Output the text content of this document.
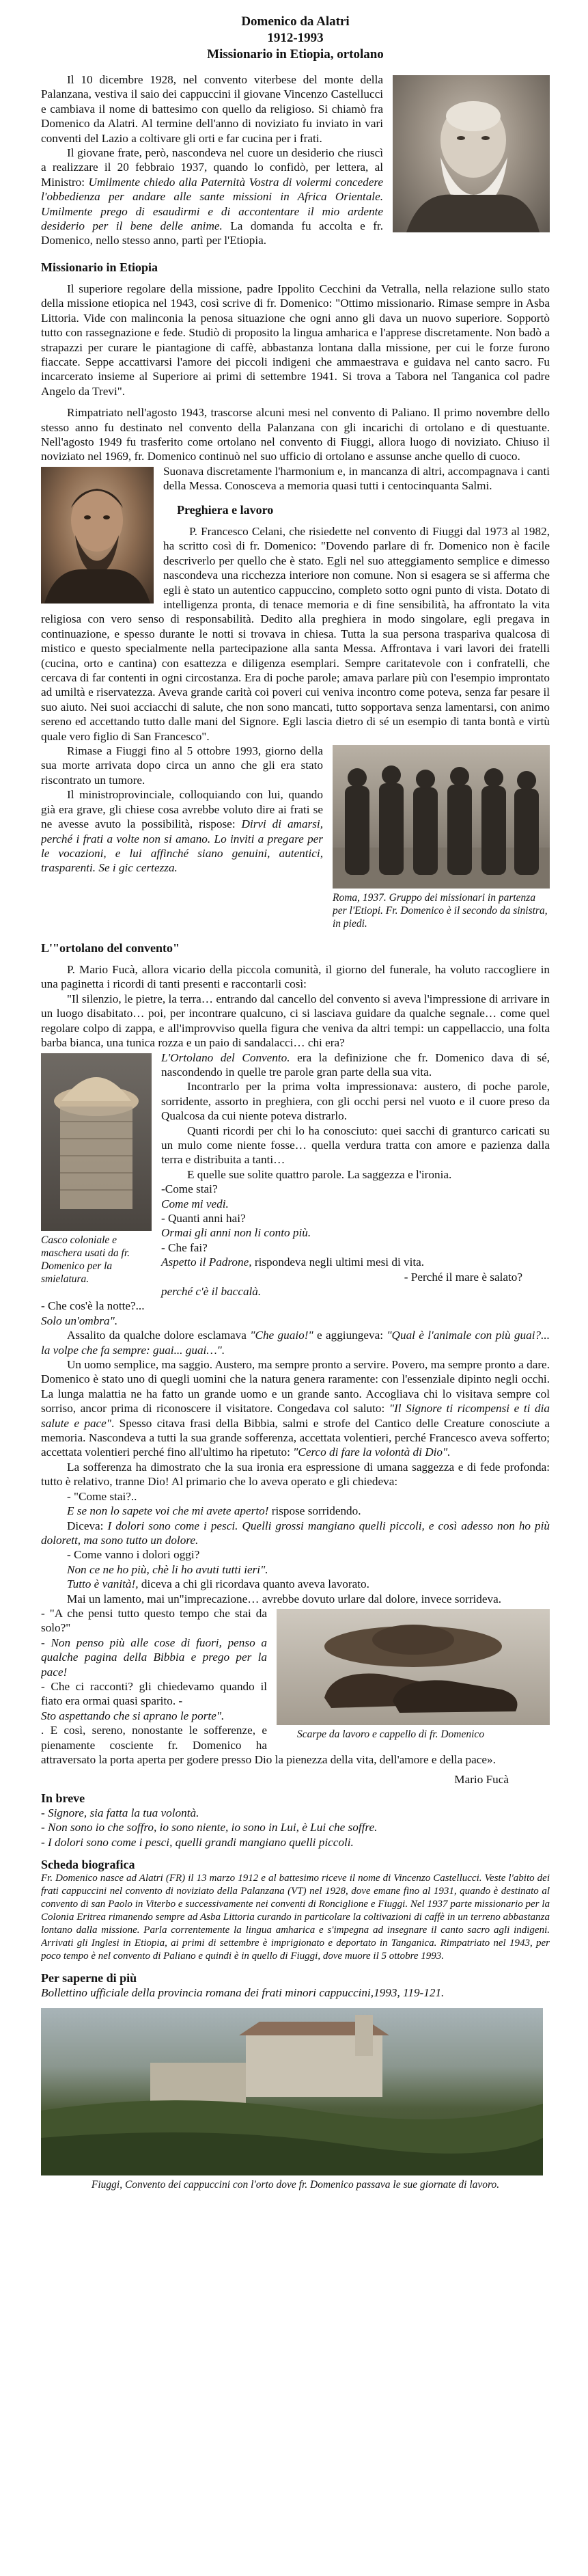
Domenico da Alatri
1912-1993
Missionario in Etiopia, ortolano

Il 10 dicembre 1928, nel convento viterbese del monte della Palanzana, vestiva il saio dei cappuccini il giovane Vincenzo Castellucci e cambiava il nome di battesimo con quello da religioso. Si chiamò fra Domenico da Alatri. Al termine dell'anno di noviziato fu inviato in vari conventi del Lazio a coltivare gli orti e far cucina per i frati.

Il giovane frate, però, nascondeva nel cuore un desiderio che riuscì a realizzare il 20 febbraio 1937, quando lo confidò, per lettera, al Ministro: Umilmente chiedo alla Paternità Vostra di volermi concedere l'obbedienza per andare alle sante missioni in Africa Orientale. Umilmente prego di esaudirmi e di accontentare il mio ardente desiderio per il bene delle anime. La domanda fu accolta e fr. Domenico, nello stesso anno, partì per l'Etiopia.

Missionario in Etiopia

Il superiore regolare della missione, padre Ippolito Cecchini da Vetralla, nella relazione sullo stato della missione etiopica nel 1943, così scrive di fr. Domenico: "Ottimo missionario. Rimase sempre in Asba Littoria. Vide con malinconia la penosa situazione che ogni anno gli dava un nuovo superiore. Sopportò tutto con rassegnazione e fede. Studiò di proposito la lingua amharica e l'apprese discretamente. Non badò a strapazzi per curare le piantagione di caffè, abbastanza lontana dalla missione, per cui le forze furono fiaccate. Seppe accattivarsi l'amore dei piccoli indigeni che ammaestrava e guidava nel canto sacro. Fu incarcerato insieme al Superiore ai primi di settembre 1941. Si trova a Tabora nel Tanganica col padre Angelo da Trevi".

Rimpatriato nell'agosto 1943, trascorse alcuni mesi nel convento di Paliano. Il primo novembre dello stesso anno fu destinato nel convento della Palanzana con gli incarichi di ortolano e di questuante. Nell'agosto 1949 fu trasferito come ortolano nel convento di Fiuggi, allora luogo di noviziato. Chiuso il noviziato nel 1969, fr. Domenico continuò nel suo ufficio di ortolano e assunse anche quello di cuoco.

Suonava discretamente l'harmonium e, in mancanza di altri, accompagnava i canti della Messa. Conosceva a memoria quasi tutti i centocinquanta Salmi.

Preghiera e lavoro

P. Francesco Celani, che risiedette nel convento di Fiuggi dal 1973 al 1982, ha scritto così di fr. Domenico: "Dovendo parlare di fr. Domenico non è facile descriverlo per quello che è stato. Egli nel suo atteggiamento semplice e dimesso nascondeva una ricchezza interiore non comune. Non si esagera se si afferma che egli è stato un autentico cappuccino, completo sotto ogni punto di vista. Dotato di intelligenza pronta, di tenace memoria e di fine sensibilità, ha affrontato la vita religiosa con vero senso di responsabilità. Dedito alla preghiera in modo singolare, egli pregava in continuazione, e spesso durante le notti si trovava in chiesa. Tutta la sua persona traspariva qualcosa di mistico e questo specialmente nella partecipazione alla santa Messa. Affrontava i vari lavori dei fratelli (cucina, orto e cantina) con esattezza e diligenza esemplari. Sempre caritatevole con i confratelli, che cercava di far contenti in ogni circostanza. Era di poche parole; amava parlare più con l'esempio improntato ad umiltà e riservatezza. Aveva grande carità coi poveri cui veniva incontro come poteva, senza far pesare il suo aiuto. Nei suoi acciacchi di salute, che non sono mancati, tutto sopportava senza lamentarsi, con animo sereno ed accettando tutto dalle mani del Signore. Egli lascia dietro di sé un esempio di tanta bontà e virtù quale vero figlio di San Francesco".

Roma, 1937. Gruppo dei missionari in partenza per l'Etiopi. Fr. Domenico è il secondo da sinistra, in piedi.

Rimase a Fiuggi fino al 5 ottobre 1993, giorno della sua morte arrivata dopo circa un anno che gli era stato riscontrato un tumore.

Il ministroprovinciale, colloquiando con lui, quando già era grave, gli chiese cosa avrebbe voluto dire ai frati se ne avesse avuto la possibilità, rispose: Dirvi di amarsi, perché i frati a volte non si amano. Lo inviti a pregare per le vocazioni, e lui affinché siano genuini, autentici, trasparenti. Se i gic certezza.

L'"ortolano del convento"

P. Mario Fucà, allora vicario della piccola comunità, il giorno del funerale, ha voluto raccogliere in una paginetta i ricordi di tanti presenti e raccontarli così:

"Il silenzio, le pietre, la terra… entrando dal cancello del convento si aveva l'impressione di arrivare in un luogo disabitato… poi, per incontrare qualcuno, ci si lasciava guidare da qualche segnale… come quel regolare colpo di zappa, e all'improvviso quella figura che veniva da altri tempi: un cappellaccio, una folta barba bianca, una tunica rozza e un paio di sandalacci… chi era?

Casco coloniale e maschera usati da fr. Domenico per la smielatura.

L'Ortolano del Convento. era la definizione che fr. Domenico dava di sé, nascondendo in quelle tre parole gran parte della sua vita.

Incontrarlo per la prima volta impressionava: austero, di poche parole, sorridente, assorto in preghiera, con gli occhi persi nel vuoto e il cuore preso da Qualcosa da cui niente poteva distrarlo.

Quanti ricordi per chi lo ha conosciuto: quei sacchi di granturco caricati su un mulo come niente fosse… quella verdura tratta con amore e pazienza dalla terra e distribuita a tanti…

E quelle sue solite quattro parole. La saggezza e l'ironia.

-Come stai?

Come mi vedi.

- Quanti anni hai?

Ormai gli anni non li conto più.

- Che fai?

Aspetto il Padrone, rispondeva negli ultimi mesi di vita.

- Perché il mare è salato?

perché c'è il baccalà.

- Che cos'è la notte?...

Solo un'ombra".

Assalito da qualche dolore esclamava "Che guaio!" e aggiungeva: "Qual è l'animale con più guai?... la volpe che fa sempre: guai... guai…".

Un uomo semplice, ma saggio. Austero, ma sempre pronto a servire. Povero, ma sempre pronto a dare. Domenico è stato uno di quegli uomini che la natura genera raramente: con l'essenziale dipinto negli occhi. La lunga malattia ne ha fatto un grande uomo e un grande santo. Accogliava chi lo visitava sempre col sorriso, ancor prima di riconoscere il visitatore. Congedava col saluto: "Il Signore ti ricompensi e ti dia salute e pace". Spesso citava frasi della Bibbia, salmi e strofe del Cantico delle Creature conosciute a memoria. Nascondeva a tutti la sua grande sofferenza, accettata volentieri, perché Francesco aveva sofferto; accettata volentieri perché fino all'ultimo ha ripetuto: "Cerco di fare la volontà di Dio".

La sofferenza ha dimostrato che la sua ironia era espressione di umana saggezza e di fede profonda: tutto è relativo, tranne Dio! Al primario che lo aveva operato e gli chiedeva:

- "Come stai?..

E se non lo sapete voi che mi avete aperto! rispose sorridendo.

Diceva: I dolori sono come i pesci. Quelli grossi mangiano quelli piccoli, e così adesso non ho più dolorett, ma sono tutto un dolore.

- Come vanno i dolori oggi?

Non ce ne ho più, chè li ho avuti tutti ieri".

Tutto è vanità!, diceva a chi gli ricordava quanto aveva lavorato.

Mai un lamento, mai un"imprecazione… avrebbe dovuto urlare dal dolore, invece sorrideva.

Scarpe da lavoro e cappello di fr. Domenico

- "A che pensi tutto questo tempo che stai da solo?"

- Non penso più alle cose di fuori, penso a qualche pagina della Bibbia e prego per la pace!

- Che ci racconti? gli chiedevamo quando il fiato era ormai quasi sparito. -

Sto aspettando che si aprano le porte".

. E così, sereno, nonostante le sofferenze, e pienamente cosciente fr. Domenico ha attraversato la porta aperta per godere presso Dio la pienezza della vita, dell'amore e della pace».

Mario Fucà

In breve

- Signore, sia fatta la tua volontà.

- Non sono io che soffro, io sono niente, io sono in Lui, è Lui che soffre.

- I dolori sono come i pesci, quelli grandi mangiano quelli piccoli.

Scheda biografica

Fr. Domenico nasce ad Alatri (FR) il 13 marzo 1912 e al battesimo riceve il nome di Vincenzo Castellucci. Veste l'abito dei frati cappuccini nel convento di noviziato della Palanzana (VT) nel 1928, dove emane fino al 1931, quando è destinato al convento di san Paolo in Viterbo e successivamente nei conventi di Ronciglione e Fiuggi. Nel 1937 parte missionario per la Colonia Eritrea rimanendo sempre ad Asba Littoria curando in particolare la coltivazioni di caffè in un terreno abbastanza lontano dalla missione. Parla correntemente la lingua amharica e s'impegna ad insegnare il canto sacro agli indigeni. Arrivati gli Inglesi in Etiopia, ai primi di settembre è imprigionato e deportato in Tanganica. Rimpatriato nel 1943, per poco tempo è nel convento di Paliano e quindi è in quello di Fiuggi, dove muore il 5 ottobre 1993.

Per saperne di più

Bollettino ufficiale della provincia romana dei frati minori cappuccini,1993, 119-121.

Fiuggi, Convento dei cappuccini con l'orto dove fr. Domenico passava le sue giornate di lavoro.
